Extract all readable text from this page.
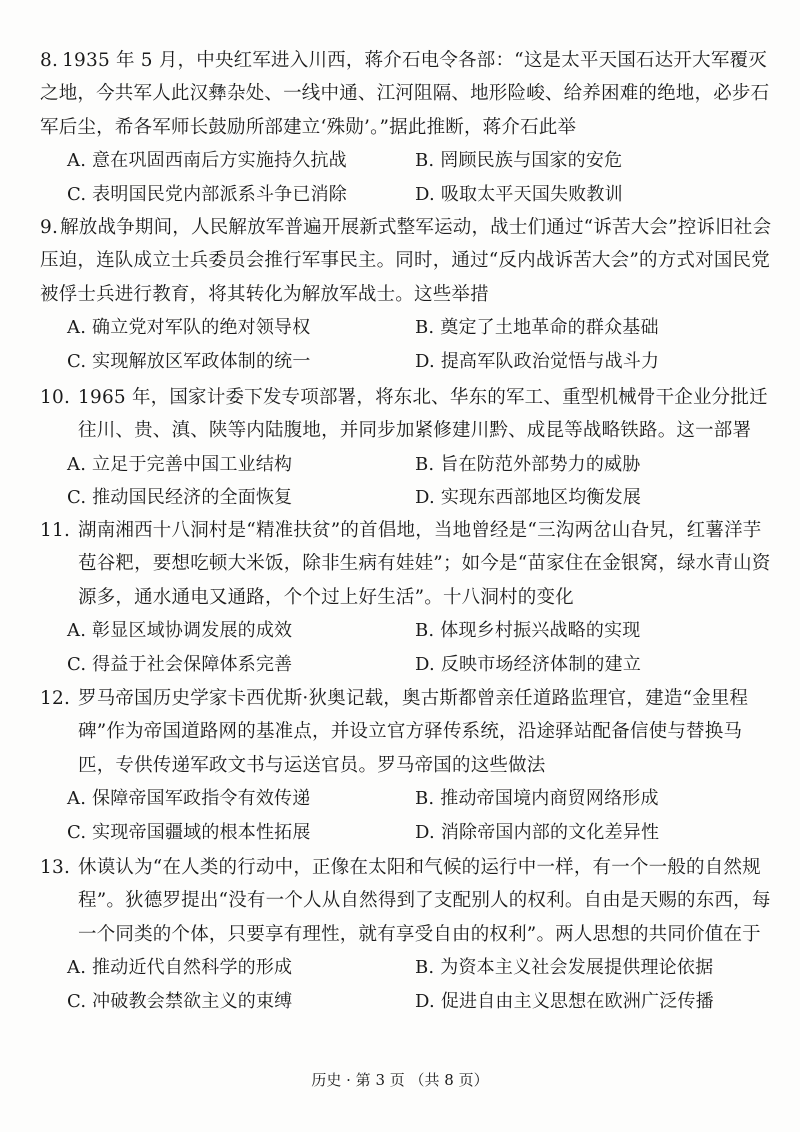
8. 1935 年 5 月，中央红军进入川西，蒋介石电令各部：“这是太平天国石达开大军覆灭之地，今共军人此汉彝杂处、一线中通、江河阻隔、地形险峻、给养困难的绝地，必步石军后尘，希各军师长鼓励所部建立‘殊勋’。”据此推断，蒋介石此举

A. 意在巩固西南后方实施持久抗战	B. 罔顾民族与国家的安危
C. 表明国民党内部派系斗争已消除	D. 吸取太平天国失败教训

9. 解放战争期间，人民解放军普遍开展新式整军运动，战士们通过“诉苦大会”控诉旧社会压迫，连队成立士兵委员会推行军事民主。同时，通过“反内战诉苦大会”的方式对国民党被俘士兵进行教育，将其转化为解放军战士。这些举措

A. 确立党对军队的绝对领导权	B. 奠定了土地革命的群众基础
C. 实现解放区军政体制的统一	D. 提高军队政治觉悟与战斗力

10. 1965 年，国家计委下发专项部署，将东北、华东的军工、重型机械骨干企业分批迁往川、贵、滇、陕等内陆腹地，并同步加紧修建川黔、成昆等战略铁路。这一部署

A. 立足于完善中国工业结构	B. 旨在防范外部势力的威胁
C. 推动国民经济的全面恢复	D. 实现东西部地区均衡发展

11. 湖南湘西十八洞村是“精准扶贫”的首倡地，当地曾经是“三沟两岔山旮旯，红薯洋芋苞谷粑，要想吃顿大米饭，除非生病有娃娃”；如今是“苗家住在金银窝，绿水青山资源多，通水通电又通路，个个过上好生活”。十八洞村的变化

A. 彰显区域协调发展的成效	B. 体现乡村振兴战略的实现
C. 得益于社会保障体系完善	D. 反映市场经济体制的建立

12. 罗马帝国历史学家卡西优斯·狄奥记载，奥古斯都曾亲任道路监理官，建造“金里程碑”作为帝国道路网的基准点，并设立官方驿传系统，沿途驿站配备信使与替换马匹，专供传递军政文书与运送官员。罗马帝国的这些做法

A. 保障帝国军政指令有效传递	B. 推动帝国境内商贸网络形成
C. 实现帝国疆域的根本性拓展	D. 消除帝国内部的文化差异性

13. 休谟认为“在人类的行动中，正像在太阳和气候的运行中一样，有一个一般的自然规程”。狄德罗提出“没有一个人从自然得到了支配别人的权利。自由是天赐的东西，每一个同类的个体，只要享有理性，就有享受自由的权利”。两人思想的共同价值在于

A. 推动近代自然科学的形成	B. 为资本主义社会发展提供理论依据
C. 冲破教会禁欲主义的束缚	D. 促进自由主义思想在欧洲广泛传播
历史 · 第 3 页 （共 8 页）
